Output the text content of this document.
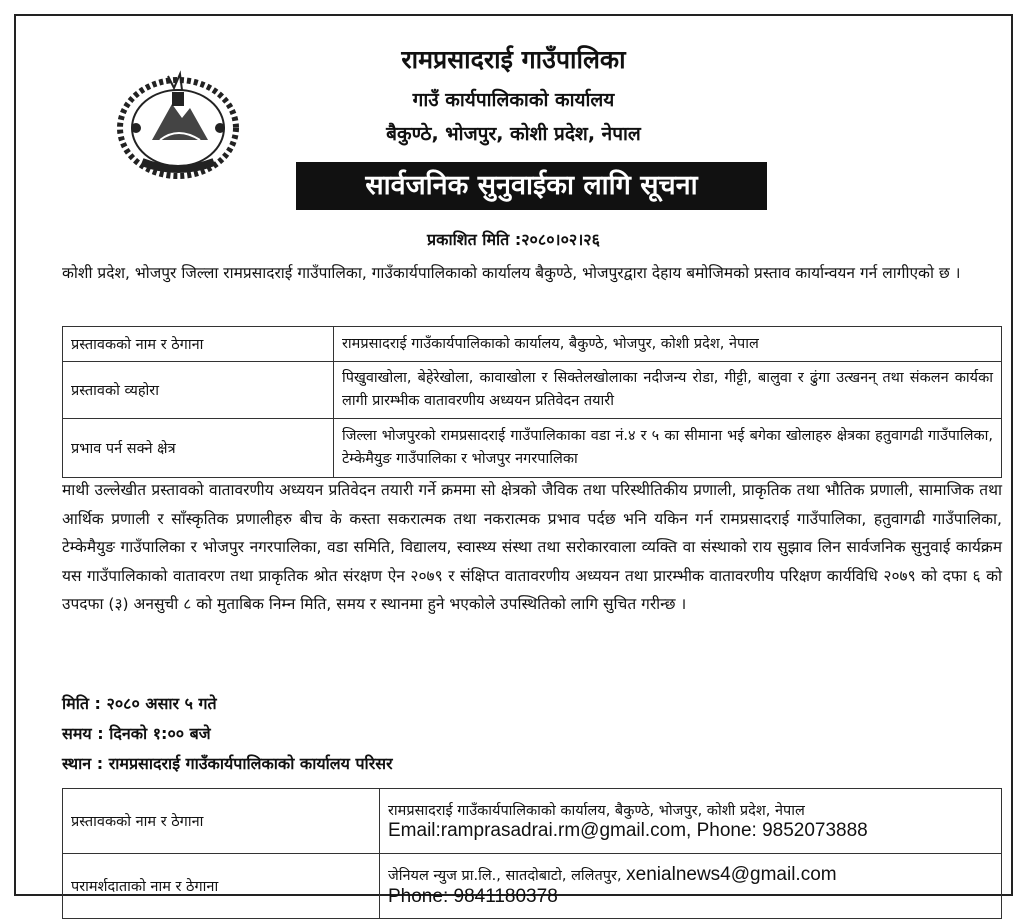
रामप्रसादराई गाउँपालिका
गाउँ कार्यपालिकाको कार्यालय
बैकुण्ठे, भोजपुर, कोशी प्रदेश, नेपाल
सार्वजनिक सुनुवाईका लागि सूचना
प्रकाशित मिति :२०८०।०२।२६
कोशी प्रदेश, भोजपुर जिल्ला रामप्रसादराई गाउँपालिका, गाउँकार्यपालिकाको कार्यालय बैकुण्ठे, भोजपुरद्वारा देहाय बमोजिमको प्रस्ताव कार्यान्वयन गर्न लागीएको छ ।
प्रस्तावकको नाम र ठेगाना	रामप्रसादराई गाउँकार्यपालिकाको कार्यालय, बैकुण्ठे, भोजपुर, कोशी प्रदेश, नेपाल
प्रस्तावको व्यहोरा	पिखुवाखोला, बेहेरेखोला, कावाखोला र सिक्तेलखोलाका नदीजन्य रोडा, गीट्टी, बालुवा र ढुंगा उत्खनन् तथा संकलन कार्यका लागी प्रारम्भीक वातावरणीय अध्ययन प्रतिवेदन तयारी
प्रभाव पर्न सक्ने क्षेत्र	जिल्ला भोजपुरको रामप्रसादराई गाउँपालिकाका वडा नं.४ र ५ का सीमाना भई बगेका खोलाहरु क्षेत्रका हतुवागढी गाउँपालिका, टेम्केमैयुङ गाउँपालिका र भोजपुर नगरपालिका
माथी उल्लेखीत प्रस्तावको वातावरणीय अध्ययन प्रतिवेदन तयारी गर्ने क्रममा सो क्षेत्रको जैविक तथा परिस्थीतिकीय प्रणाली, प्राकृतिक तथा भौतिक प्रणाली, सामाजिक तथा आर्थिक प्रणाली र साँस्कृतिक प्रणालीहरु बीच के कस्ता सकरात्मक तथा नकरात्मक प्रभाव पर्दछ भनि यकिन गर्न रामप्रसादराई गाउँपालिका, हतुवागढी गाउँपालिका, टेम्केमैयुङ गाउँपालिका र भोजपुर नगरपालिका, वडा समिति, विद्यालय, स्वास्थ्य संस्था तथा सरोकारवाला व्यक्ति वा संस्थाको राय सुझाव लिन सार्वजनिक सुनुवाई कार्यक्रम यस गाउँपालिकाको वातावरण तथा प्राकृतिक श्रोत संरक्षण ऐन २०७९ र संक्षिप्त वातावरणीय अध्ययन तथा प्रारम्भीक वातावरणीय परिक्षण कार्यविधि २०७९ को दफा ६ को उपदफा (३) अनसुची ८ को मुताबिक निम्न मिति, समय र स्थानमा हुने भएकोले उपस्थितिको लागि सुचित गरीन्छ ।
मिति : २०८० असार ५ गते
समय : दिनको १:०० बजे
स्थान : रामप्रसादराई गाउँकार्यपालिकाको कार्यालय परिसर
प्रस्तावकको नाम र ठेगाना	रामप्रसादराई गाउँकार्यपालिकाको कार्यालय, बैकुण्ठे, भोजपुर, कोशी प्रदेश, नेपाल
Email:ramprasadrai.rm@gmail.com, Phone: 9852073888

परामर्शदाताको नाम र ठेगाना	जेनियल न्युज प्रा.लि., सातदोबाटो, ललितपुर, xenialnews4@gmail.com
Phone: 9841180378
